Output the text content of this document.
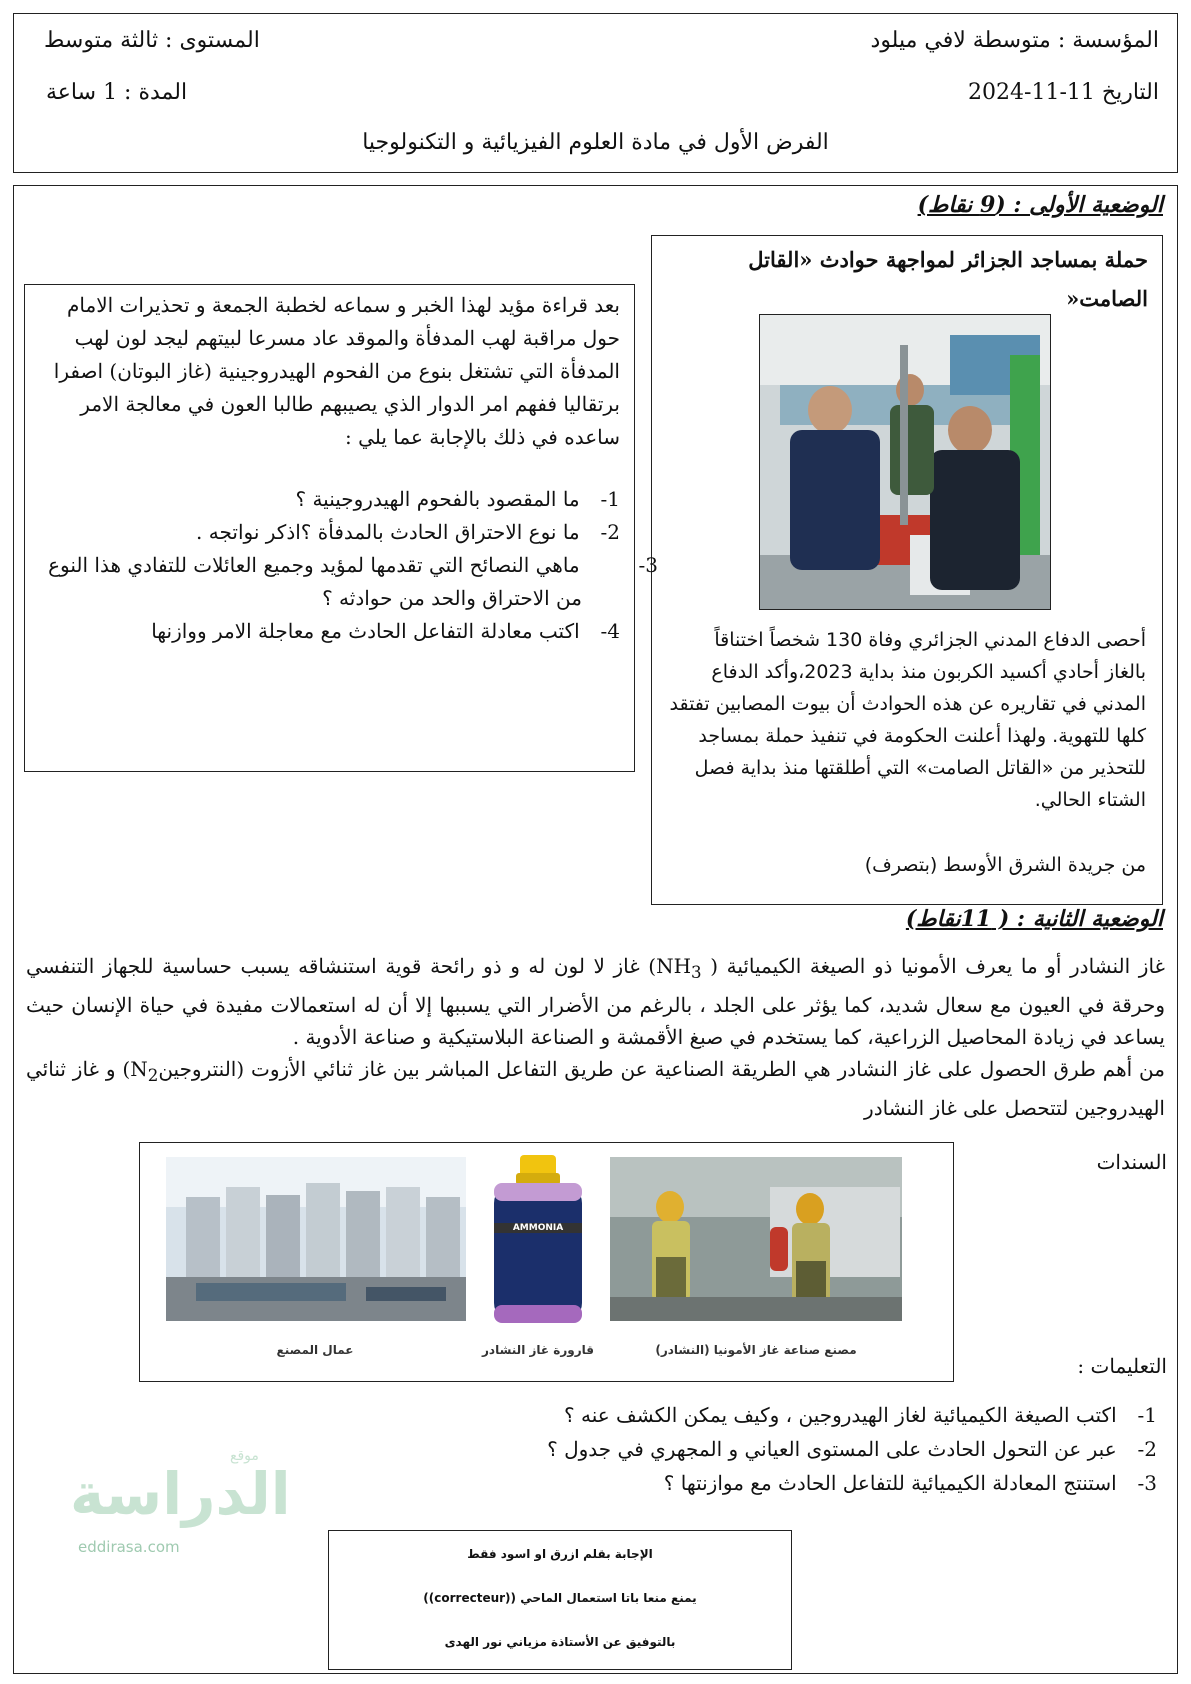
المؤسسة : متوسطة لافي ميلود
المستوى : ثالثة متوسط
التاريخ 11-11-2024
المدة : 1 ساعة
الفرض الأول في مادة العلوم الفيزيائية و التكنولوجيا
الوضعية الأولى : (9 نقاط)
حملة بمساجد الجزائر لمواجهة حوادث «القاتل الصامت«
أحصى الدفاع المدني الجزائري وفاة 130 شخصاً اختناقاً بالغاز أحادي أكسيد الكربون منذ بداية 2023،وأكد الدفاع المدني في تقاريره عن هذه الحوادث أن بيوت المصابين تفتقد كلها للتهوية. ولهذا أعلنت الحكومة في تنفيذ حملة بمساجد للتحذير من «القاتل الصامت» التي أطلقتها منذ بداية فصل الشتاء الحالي.
من جريدة الشرق الأوسط (بتصرف)
بعد قراءة مؤيد لهذا الخبر و سماعه لخطبة الجمعة و تحذيرات الامام حول مراقبة لهب المدفأة والموقد عاد مسرعا لبيتهم ليجد لون لهب المدفأة التي تشتغل بنوع من الفحوم الهيدروجينية (غاز البوتان) اصفرا برتقاليا ففهم امر الدوار الذي يصيبهم طالبا العون في معالجة الامر ساعده في ذلك بالإجابة عما يلي :
1- ما المقصود بالفحوم الهيدروجينية ؟
2- ما نوع الاحتراق الحادث بالمدفأة ؟اذكر نواتجه .
3- ماهي النصائح التي تقدمها لمؤيد وجميع العائلات للتفادي هذا النوع من الاحتراق والحد من حوادثه ؟
4- اكتب معادلة التفاعل الحادث مع معاجلة الامر ووازنها
الوضعية الثانية : ( 11نقاط)
غاز النشادر أو ما يعرف الأمونيا ذو الصيغة الكيميائية ( $NH_3$) غاز لا لون له و ذو رائحة قوية استنشاقه يسبب حساسية للجهاز التنفسي وحرقة في العيون مع سعال شديد، كما يؤثر على الجلد ، بالرغم من الأضرار التي يسببها إلا أن له استعمالات مفيدة في حياة الإنسان حيث يساعد في زيادة المحاصيل الزراعية، كما يستخدم في صبغ الأقمشة و الصناعة البلاستيكية و صناعة الأدوية .
من أهم طرق الحصول على غاز النشادر هي الطريقة الصناعية عن طريق التفاعل المباشر بين غاز ثنائي الأزوت (النتروجينN$_2$) و غاز ثنائي الهيدروجين لتتحصل على غاز النشادر
السندات
AMMONIA
عمال المصنع	قارورة غاز النشادر	مصنع صناعة غاز الأمونيا (النشادر)
التعليمات :
1- اكتب الصيغة الكيميائية لغاز الهيدروجين ، وكيف يمكن الكشف عنه ؟
2- عبر عن التحول الحادث على المستوى العياني و المجهري في جدول ؟
3- استنتج المعادلة الكيميائية للتفاعل الحادث مع موازنتها ؟
موقع
الدراسة
eddirasa.com	الإجابة بقلم ازرق او اسود فقط
يمنع منعا باتا استعمال الماحي ((correcteur))
بالتوفيق عن الأستاذة مزياني نور الهدى
